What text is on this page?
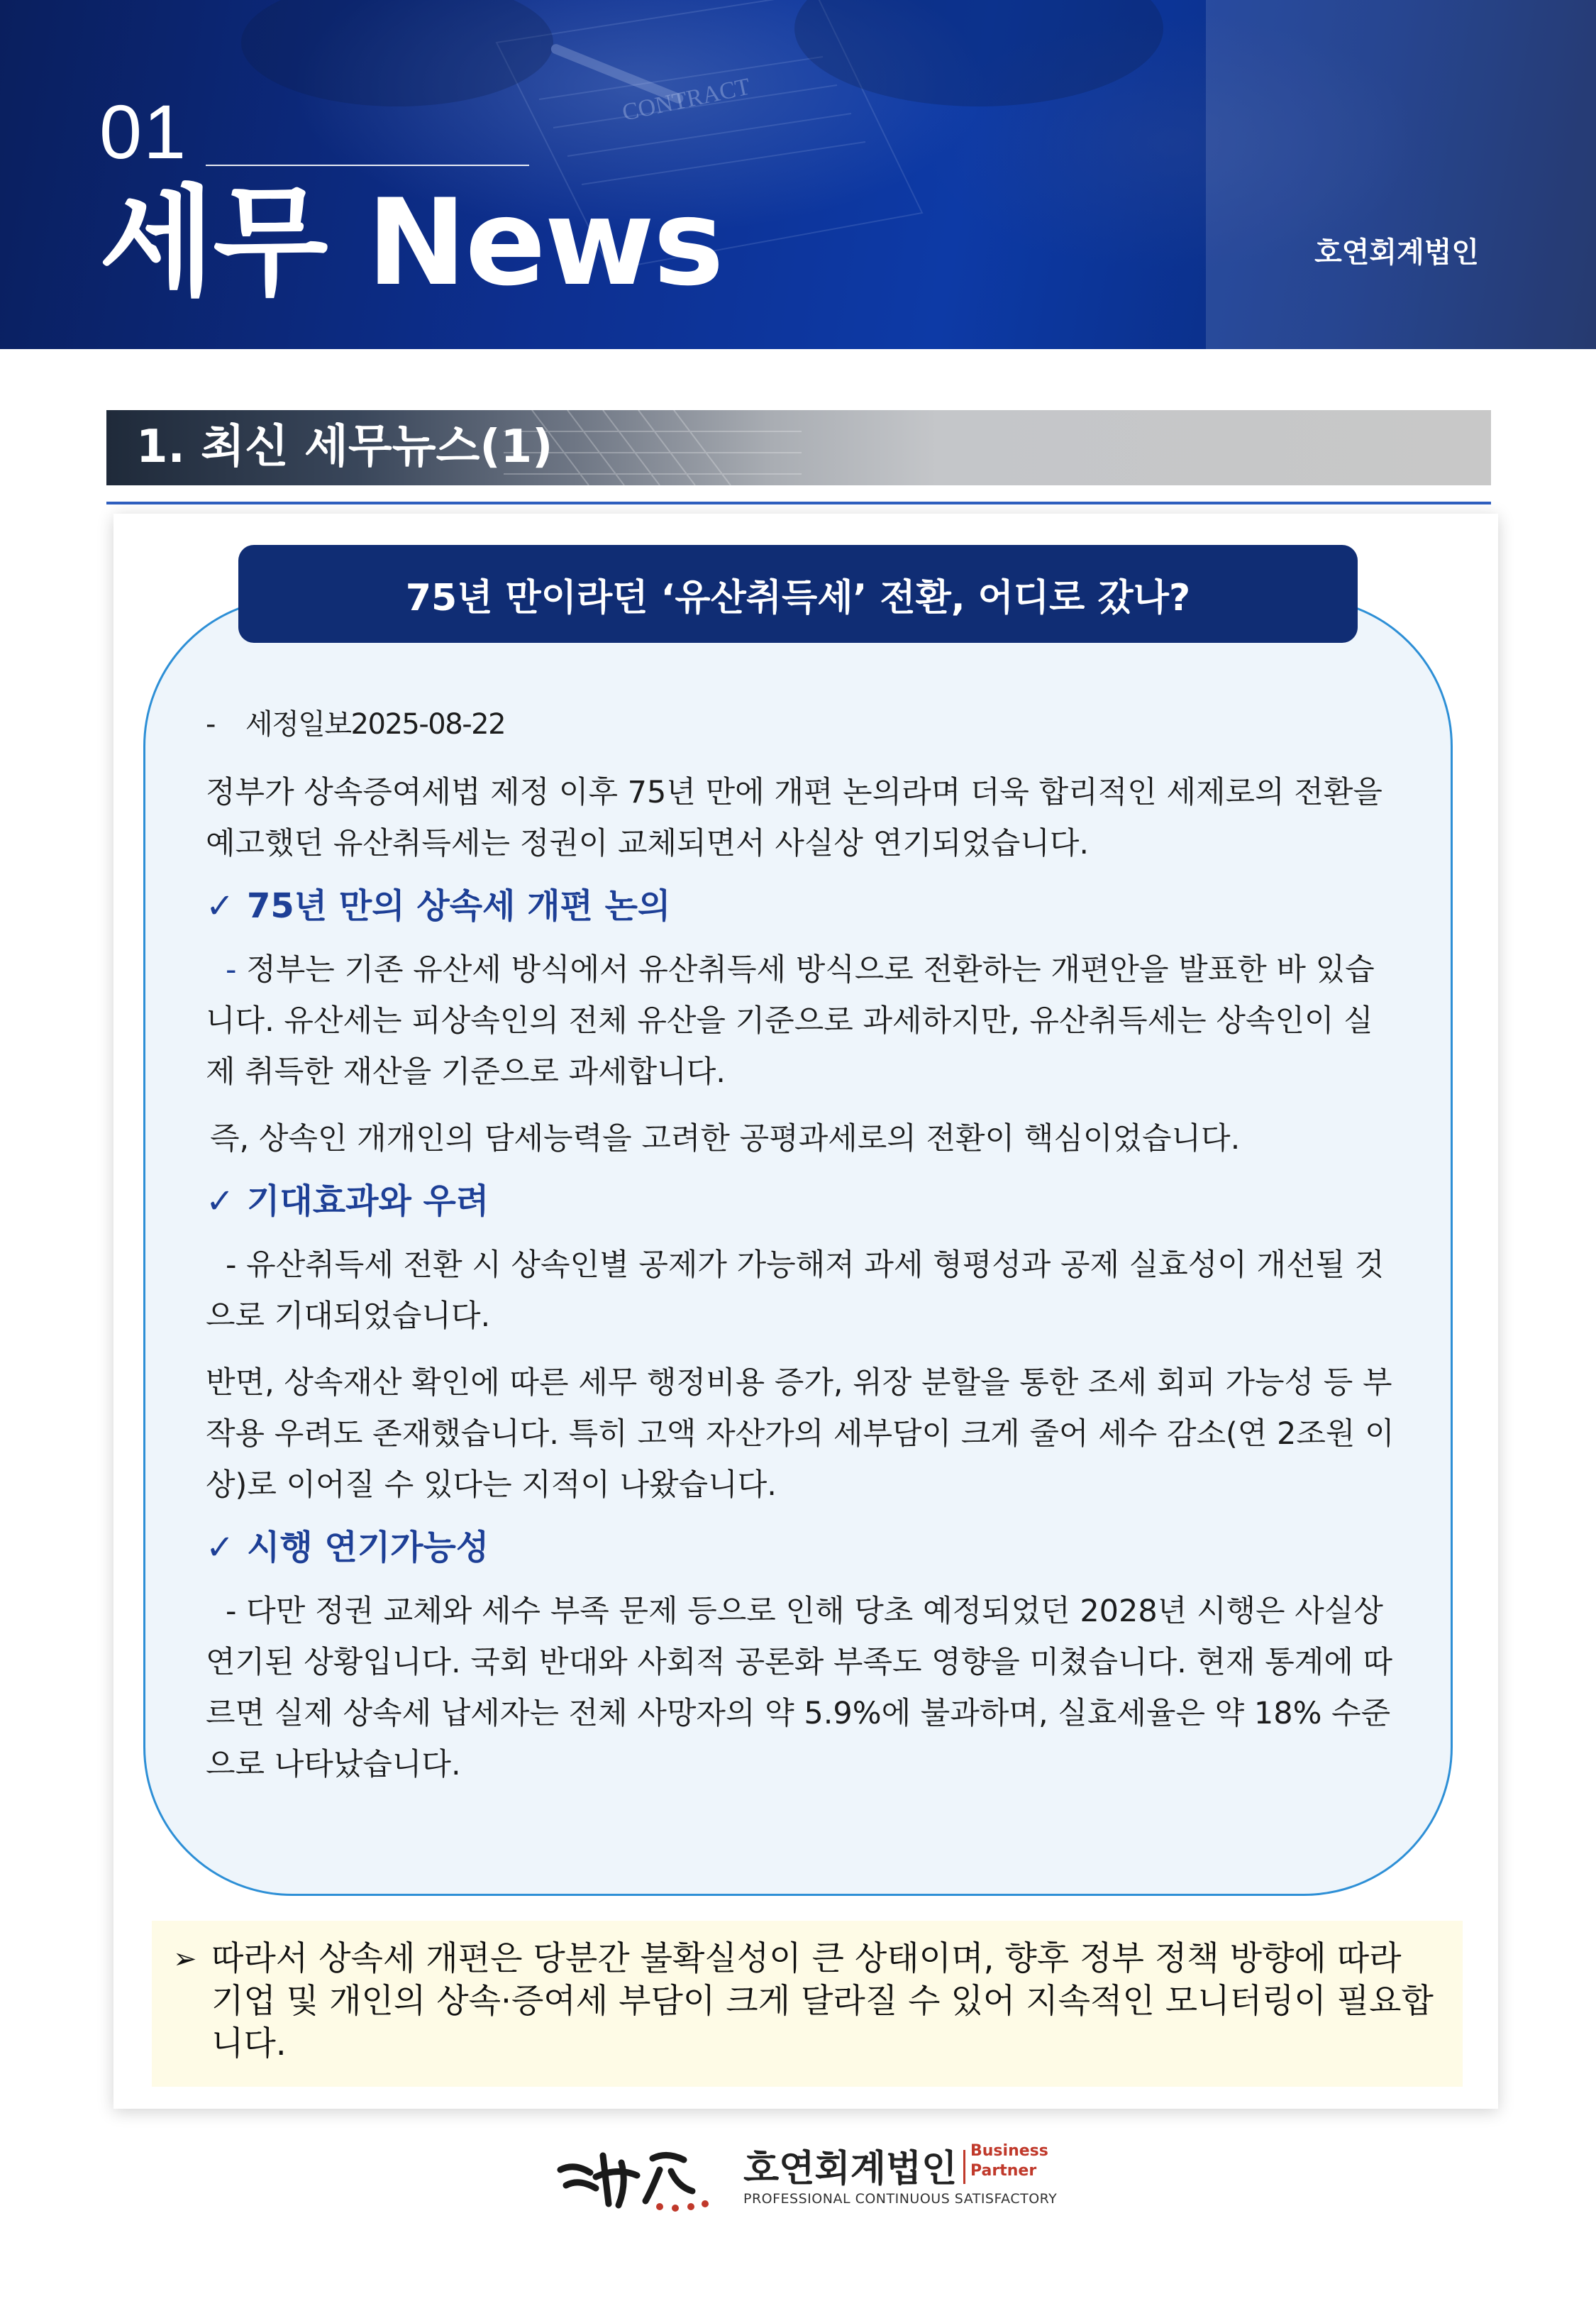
CONTRACT
01
세무 News	호연회계법인
1. 최신 세무뉴스(1)
75년 만이라던 ‘유산취득세’ 전환, 어디로 갔나?

- 세정일보2025-08-22

정부가 상속증여세법 제정 이후 75년 만에 개편 논의라며 더욱 합리적인 세제로의 전환을 예고했던 유산취득세는 정권이 교체되면서 사실상 연기되었습니다.

✓ 75년 만의 상속세 개편 논의

- 정부는 기존 유산세 방식에서 유산취득세 방식으로 전환하는 개편안을 발표한 바 있습니다. 유산세는 피상속인의 전체 유산을 기준으로 과세하지만, 유산취득세는 상속인이 실제 취득한 재산을 기준으로 과세합니다.

즉, 상속인 개개인의 담세능력을 고려한 공평과세로의 전환이 핵심이었습니다.

✓ 기대효과와 우려

- 유산취득세 전환 시 상속인별 공제가 가능해져 과세 형평성과 공제 실효성이 개선될 것으로 기대되었습니다.

반면, 상속재산 확인에 따른 세무 행정비용 증가, 위장 분할을 통한 조세 회피 가능성 등 부작용 우려도 존재했습니다. 특히 고액 자산가의 세부담이 크게 줄어 세수 감소(연 2조원 이상)로 이어질 수 있다는 지적이 나왔습니다.

✓ 시행 연기가능성

- 다만 정권 교체와 세수 부족 문제 등으로 인해 당초 예정되었던 2028년 시행은 사실상 연기된 상황입니다. 국회 반대와 사회적 공론화 부족도 영향을 미쳤습니다. 현재 통계에 따르면 실제 상속세 납세자는 전체 사망자의 약 5.9%에 불과하며, 실효세율은 약 18% 수준으로 나타났습니다.

➢ 따라서 상속세 개편은 당분간 불확실성이 큰 상태이며, 향후 정부 정책 방향에 따라 기업 및 개인의 상속·증여세 부담이 크게 달라질 수 있어 지속적인 모니터링이 필요합니다.
호연회계법인 Business
Partner
PROFESSIONAL CONTINUOUS SATISFACTORY
